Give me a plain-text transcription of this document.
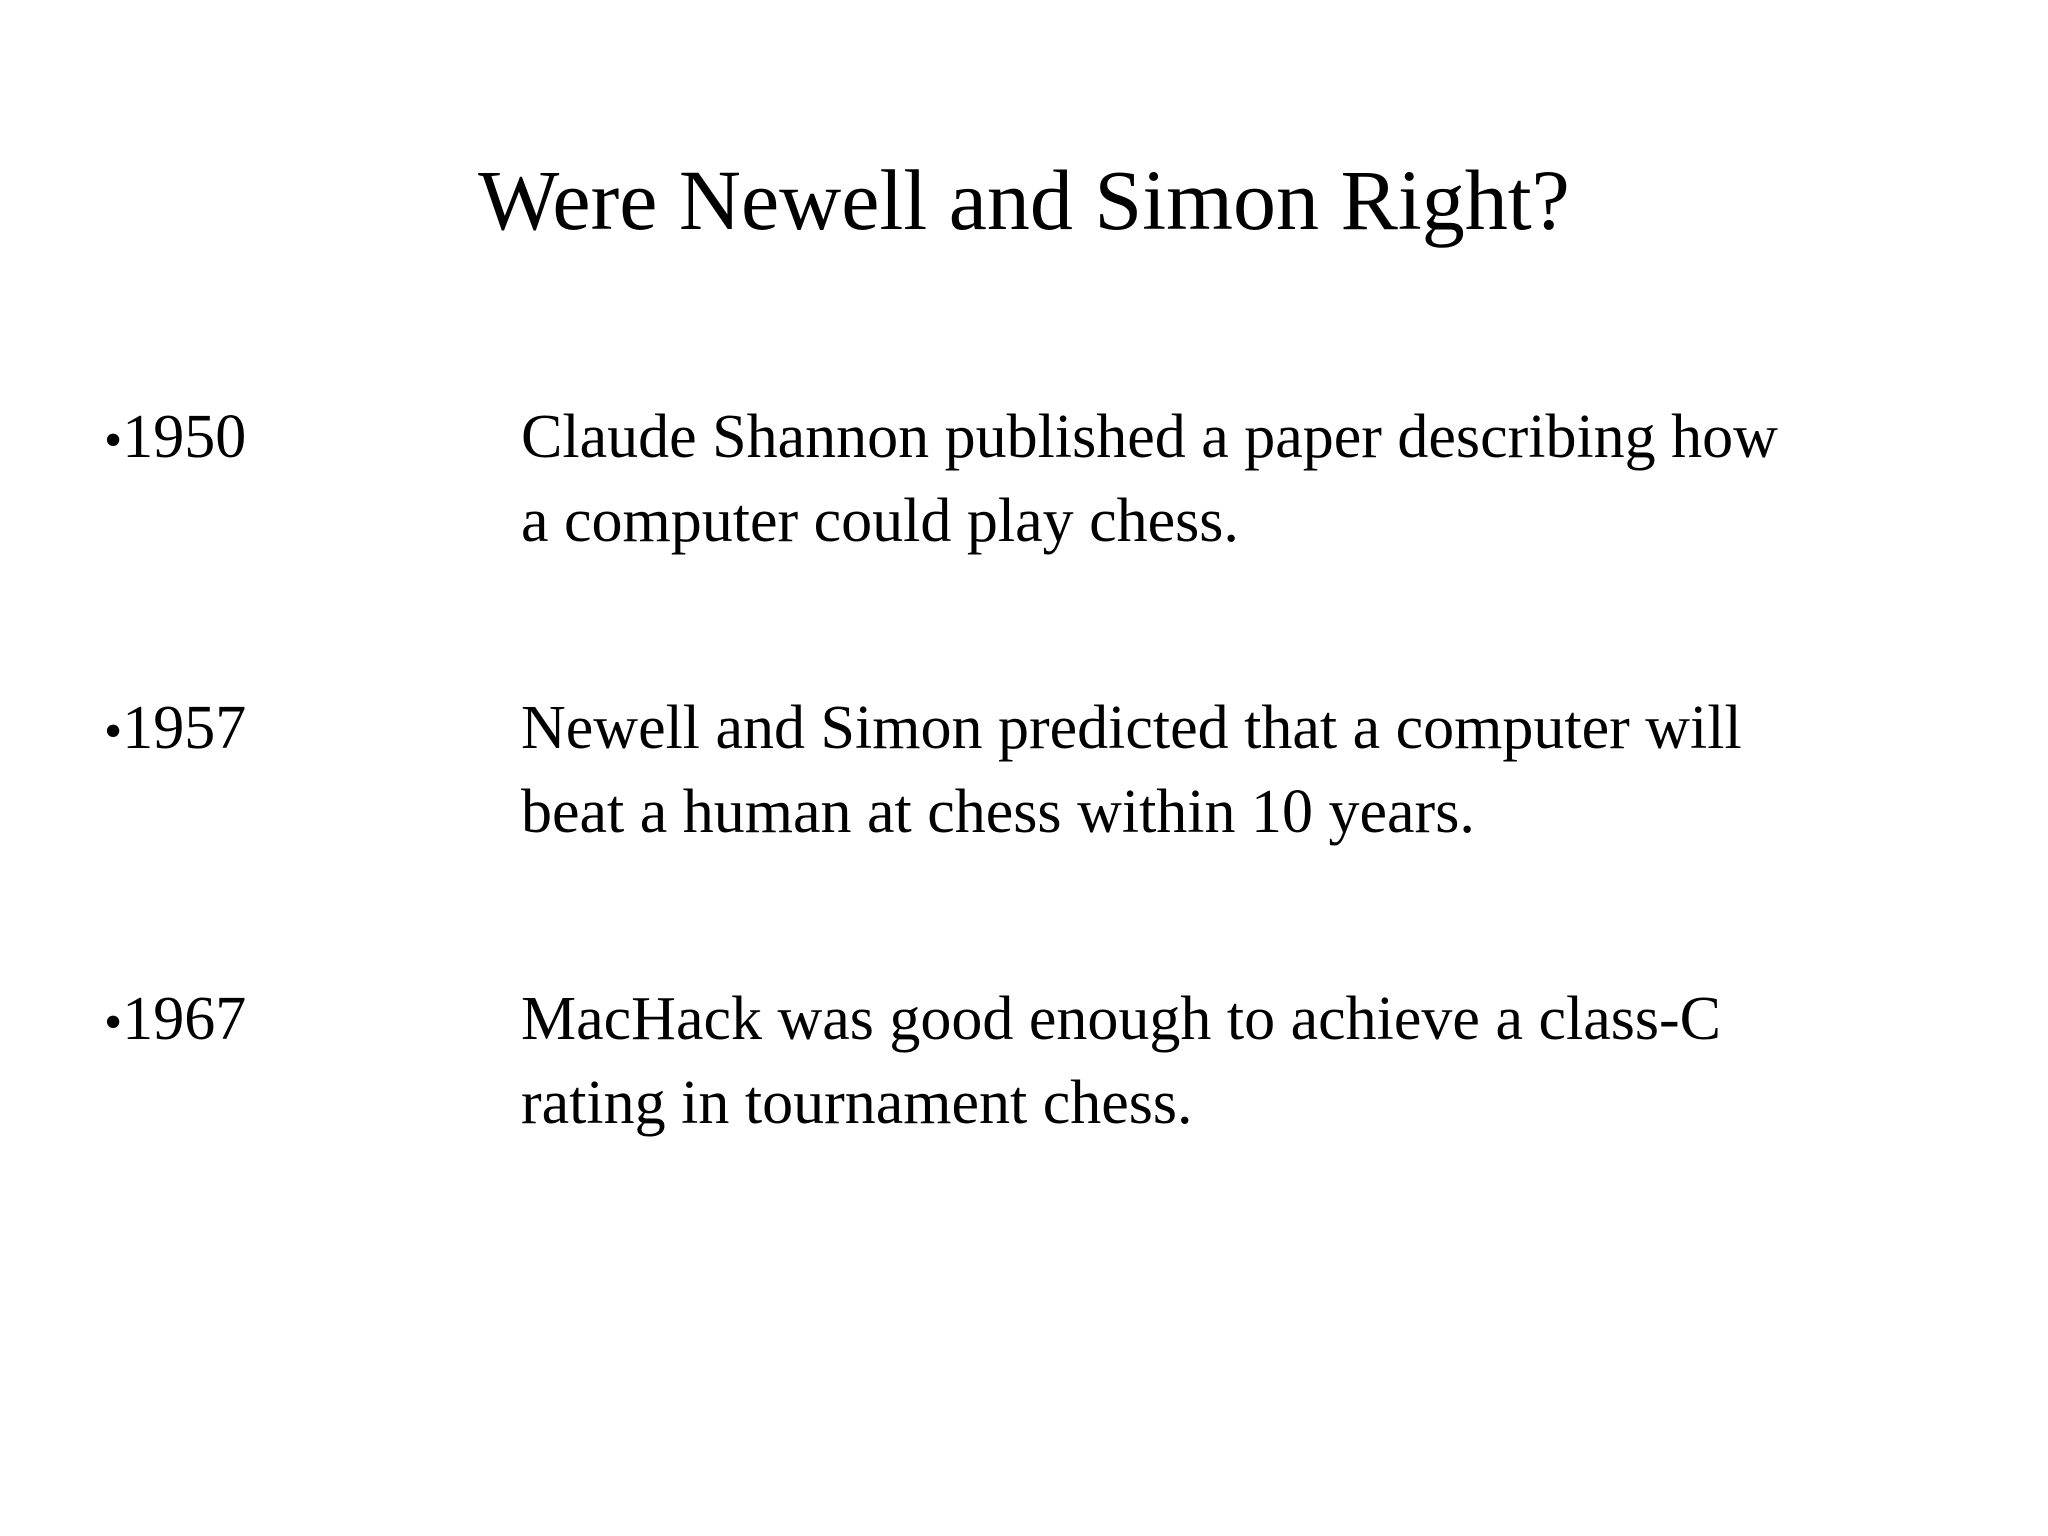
Were Newell and Simon Right?
•1950	Claude Shannon published a paper describing how
a computer could play chess.
•1957	Newell and Simon predicted that a computer will
beat a human at chess within 10 years.
•1967	MacHack was good enough to achieve a class-C
rating in tournament chess.
